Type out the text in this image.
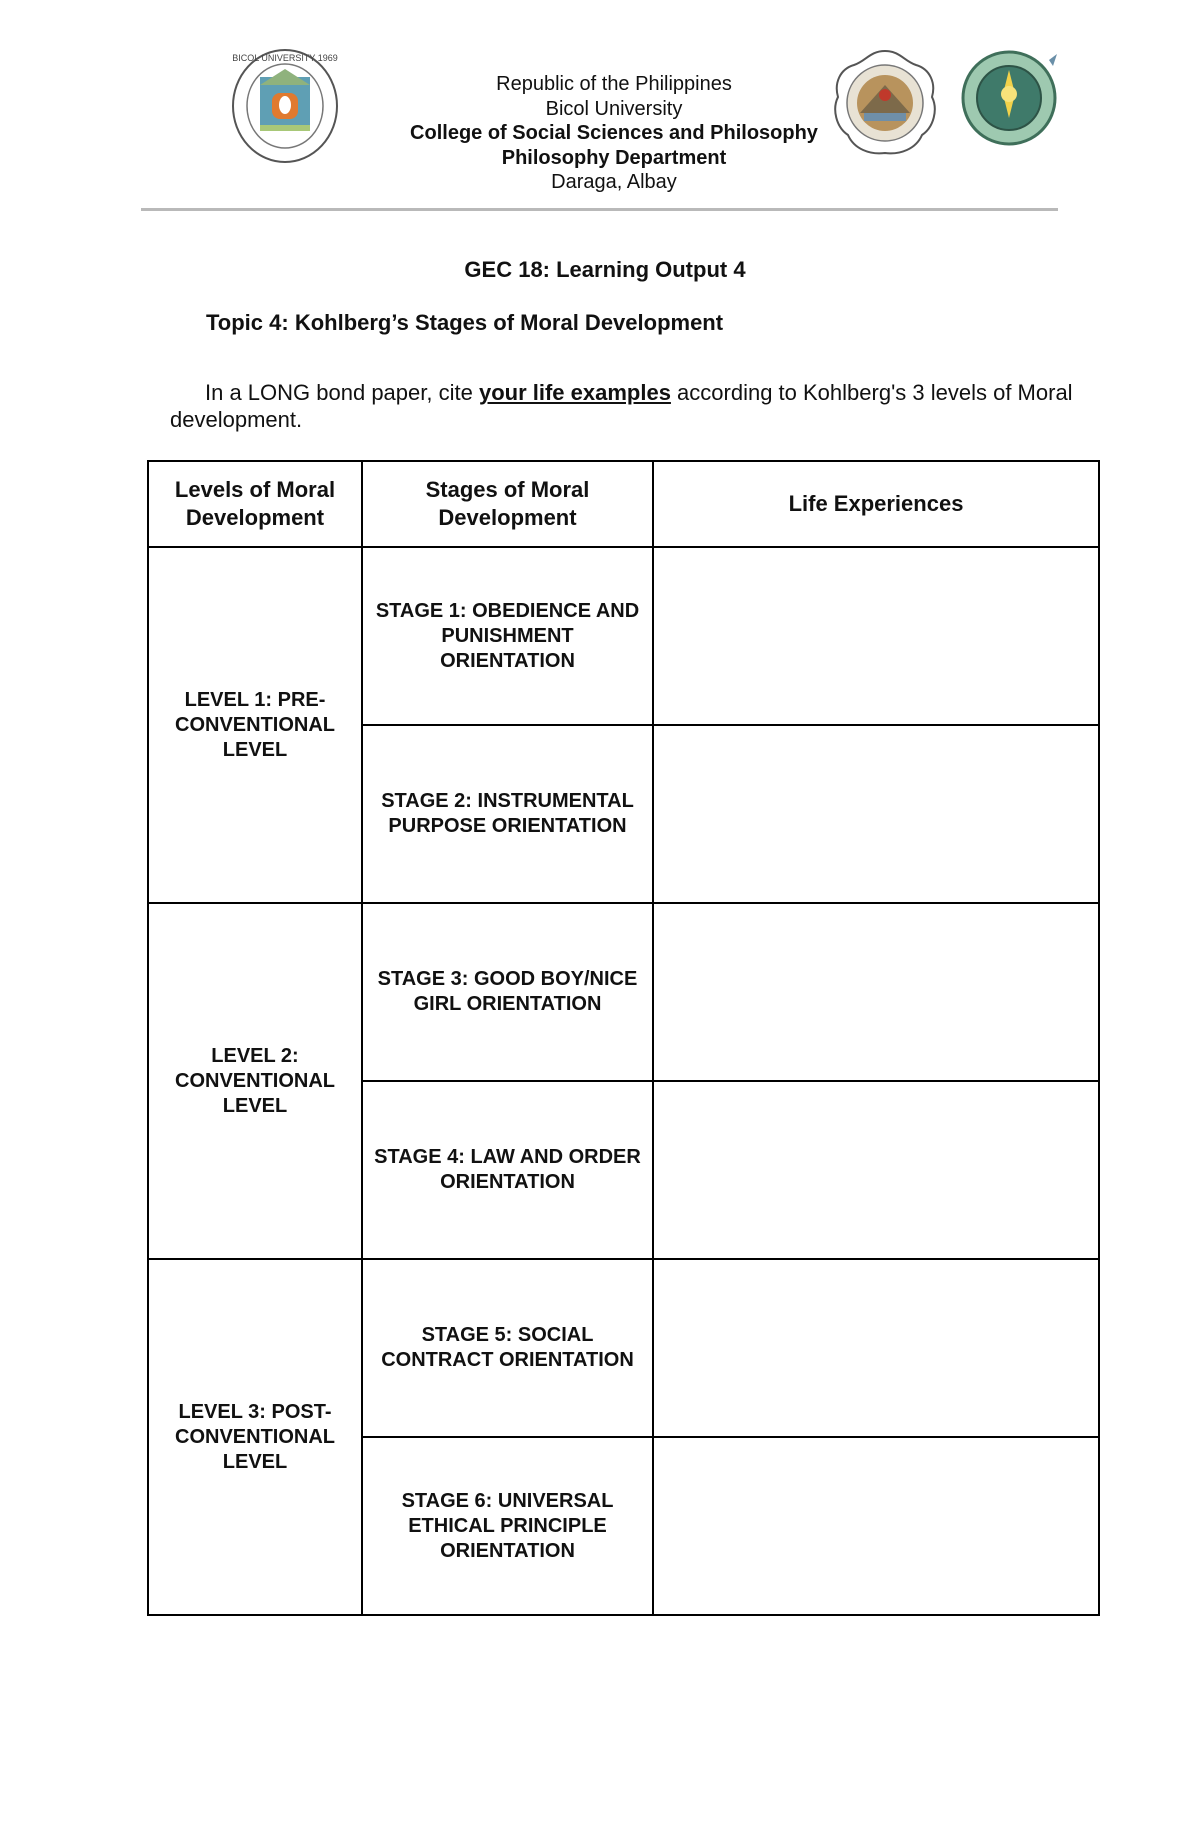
BICOL UNIVERSITY 1969
Republic of the Philippines
Bicol University
College of Social Sciences and Philosophy
Philosophy Department
Daraga, Albay
GEC 18: Learning Output 4
Topic 4: Kohlberg’s Stages of Moral Development
In a LONG bond paper, cite your life examples according to Kohlberg's 3 levels of Moral development.
Levels of Moral Development	Stages of Moral Development	Life Experiences
LEVEL 1: PRE-CONVENTIONAL LEVEL	STAGE 1: OBEDIENCE AND PUNISHMENT ORIENTATION	
	STAGE 2: INSTRUMENTAL PURPOSE ORIENTATION	
LEVEL 2: CONVENTIONAL LEVEL	STAGE 3: GOOD BOY/NICE GIRL ORIENTATION	
	STAGE 4: LAW AND ORDER ORIENTATION	
LEVEL 3: POST-CONVENTIONAL LEVEL	STAGE 5: SOCIAL CONTRACT ORIENTATION	
	STAGE 6: UNIVERSAL ETHICAL PRINCIPLE ORIENTATION	
